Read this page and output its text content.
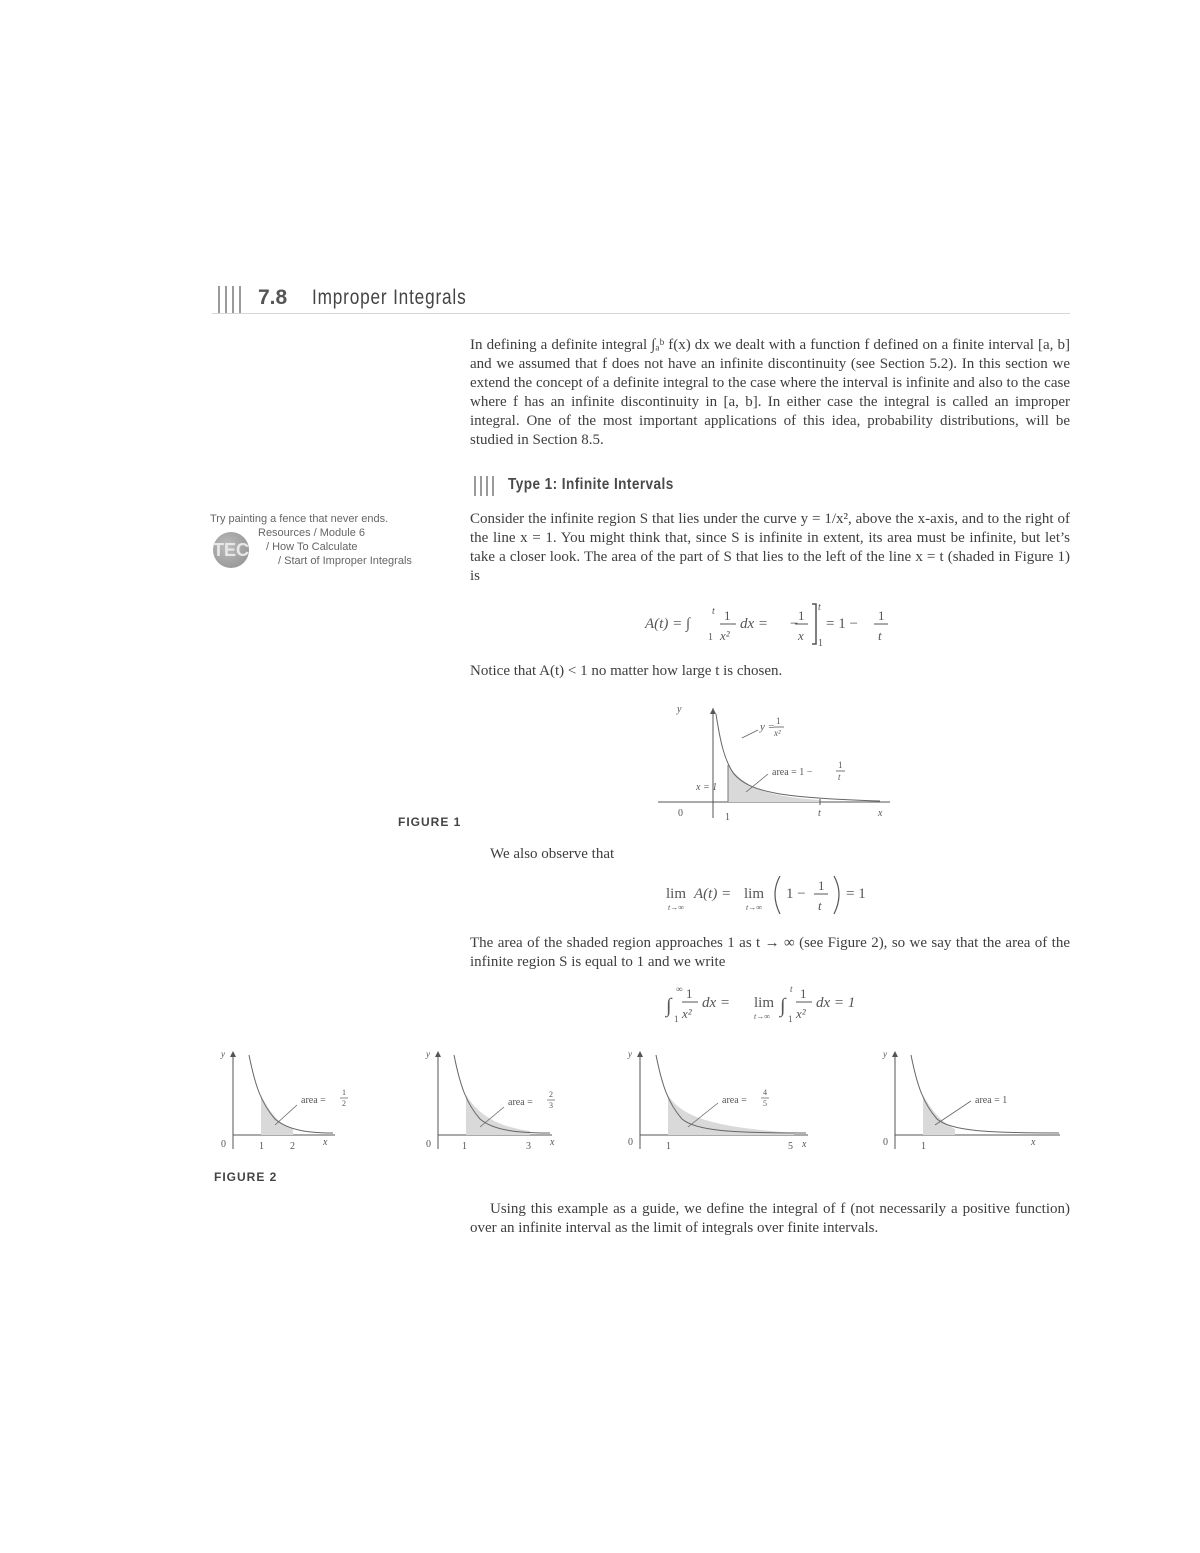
7.8 Improper Integrals
In defining a definite integral ∫ₐᵇ f(x) dx we dealt with a function f defined on a finite interval [a, b] and we assumed that f does not have an infinite discontinuity (see Section 5.2). In this section we extend the concept of a definite integral to the case where the interval is infinite and also to the case where f has an infinite discontinuity in [a, b]. In either case the integral is called an improper integral. One of the most important applications of this idea, probability distributions, will be studied in Section 8.5.
Type 1: Infinite Intervals
Try painting a fence that never ends.
Resources / Module 6
/ How To Calculate
/ Start of Improper Integrals
TEC
Consider the infinite region S that lies under the curve y = 1/x², above the x-axis, and to the right of the line x = 1. You might think that, since S is infinite in extent, its area must be infinite, but let’s take a closer look. The area of the part of S that lies to the left of the line x = t (shaded in Figure 1) is
A(t) = ∫
t
1
1
x²
dx = −
1
x
t
1
= 1 −
1
t
Notice that A(t) < 1 no matter how large t is chosen.
y
y = 1
x²
area = 1 −
1
t
x = 1
0	1	t	x
FIGURE 1
We also observe that
lim
t→∞
A(t) = lim
t→∞
1 −
1
t
= 1
The area of the shaded region approaches 1 as t → ∞ (see Figure 2), so we say that the area of the infinite region S is equal to 1 and we write
∫
∞
1
1
x²
dx = lim
t→∞ ∫
t
1
1
x²
dx = 1
y
0	1	2	x
area =
1
2
y
0	1	3 x
area =
2
3
y
0	1	5 x
area =
4
5
y
0	1	x
area = 1
FIGURE 2
Using this example as a guide, we define the integral of f (not necessarily a positive function) over an infinite interval as the limit of integrals over finite intervals.
